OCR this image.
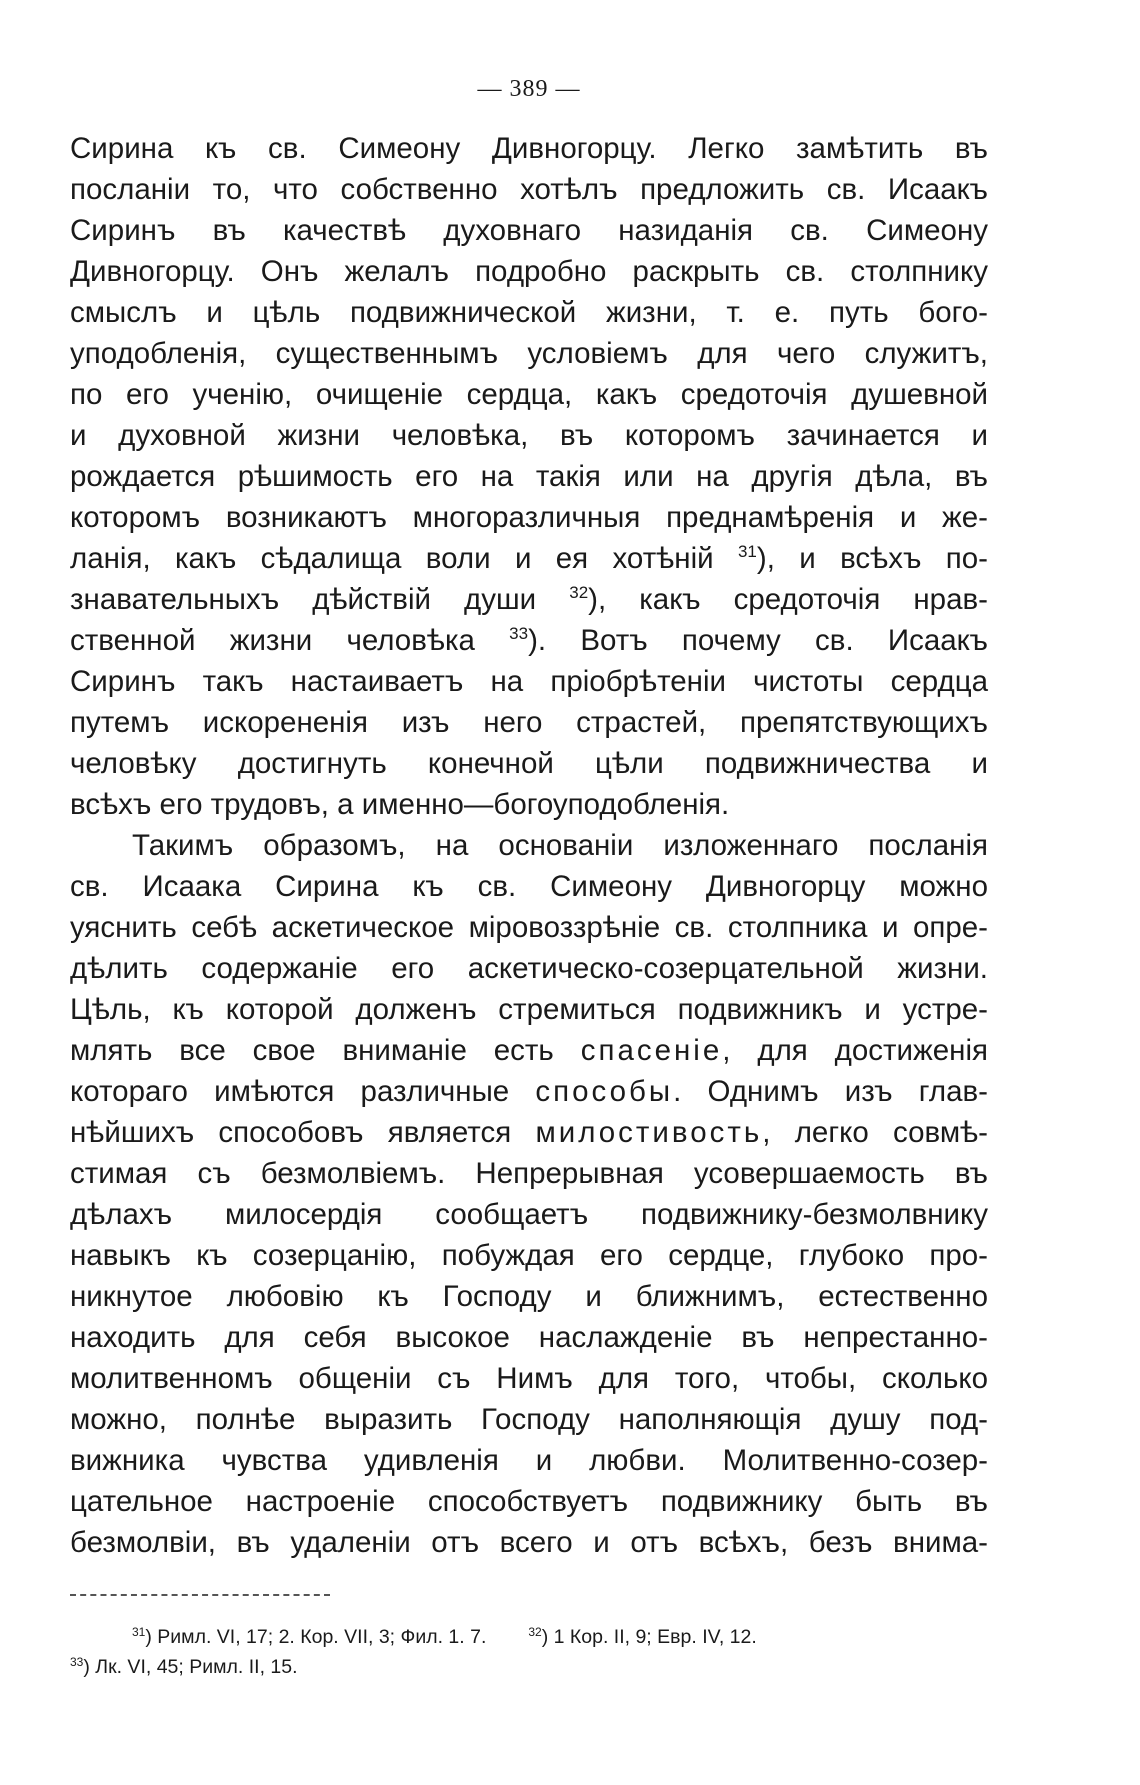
— 389 —
Сирина къ св. Симеону Дивногорцу. Легко замѣтить въ
посланіи то, что собственно хотѣлъ предложить св. Исаакъ
Сиринъ въ качествѣ духовнаго назиданія св. Симеону
Дивногорцу. Онъ желалъ подробно раскрыть св. столпнику
смыслъ и цѣль подвижнической жизни, т. е. путь бого-
уподобленія, существеннымъ условіемъ для чего служитъ,
по его ученію, очищеніе сердца, какъ средоточія душевной
и духовной жизни человѣка, въ которомъ зачинается и
рождается рѣшимость его на такія или на другія дѣла, въ
которомъ возникаютъ многоразличныя преднамѣренія и же-
ланія, какъ сѣдалища воли и ея хотѣній $^{31}$), и всѣхъ по-
знавательныхъ дѣйствій души $^{32}$), какъ средоточія нрав-
ственной жизни человѣка $^{33}$). Вотъ почему св. Исаакъ
Сиринъ такъ настаиваетъ на пріобрѣтеніи чистоты сердца
путемъ искорененія изъ него страстей, препятствующихъ
человѣку достигнуть конечной цѣли подвижничества и
всѣхъ его трудовъ, а именно—богоуподобленія.
Такимъ образомъ, на основаніи изложеннаго посланія
св. Исаака Сирина къ св. Симеону Дивногорцу можно
уяснить себѣ аскетическое міровоззрѣніе св. столпника и опре-
дѣлить содержаніе его аскетическо-созерцательной жизни.
Цѣль, къ которой долженъ стремиться подвижникъ и устре-
млять все свое вниманіе есть спасеніе, для достиженія
котораго имѣются различные способы. Однимъ изъ глав-
нѣйшихъ способовъ является милостивость, легко совмѣ-
стимая съ безмолвіемъ. Непрерывная усовершаемость въ
дѣлахъ милосердія сообщаетъ подвижнику-безмолвнику
навыкъ къ созерцанію, побуждая его сердце, глубоко про-
никнутое любовію къ Господу и ближнимъ, естественно
находить для себя высокое наслажденіе въ непрестанно-
молитвенномъ общеніи съ Нимъ для того, чтобы, сколько
можно, полнѣе выразить Господу наполняющія душу под-
вижника чувства удивленія и любви. Молитвенно-созер-
цательное настроеніе способствуетъ подвижнику быть въ
безмолвіи, въ удаленіи отъ всего и отъ всѣхъ, безъ внима-
$^{31}$) Римл. VI, 17; 2. Кор. VII, 3; Фил. 1. 7.	$^{32}$) 1 Кор. II, 9; Евр. IV, 12.
$^{33}$) Лк. VI, 45; Римл. II, 15.
